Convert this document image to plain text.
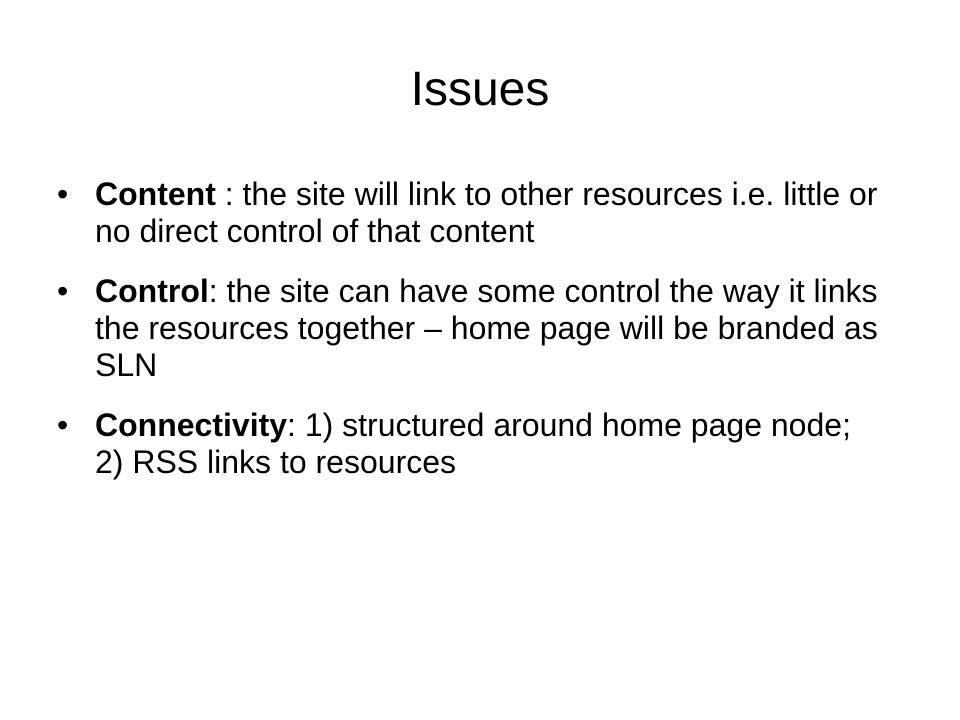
Issues
• Content : the site will link to other resources i.e. little or no direct control of that content
• Control: the site can have some control the way it links the resources together – home page will be branded as SLN
• Connectivity: 1) structured around home page node; 2) RSS links to resources
